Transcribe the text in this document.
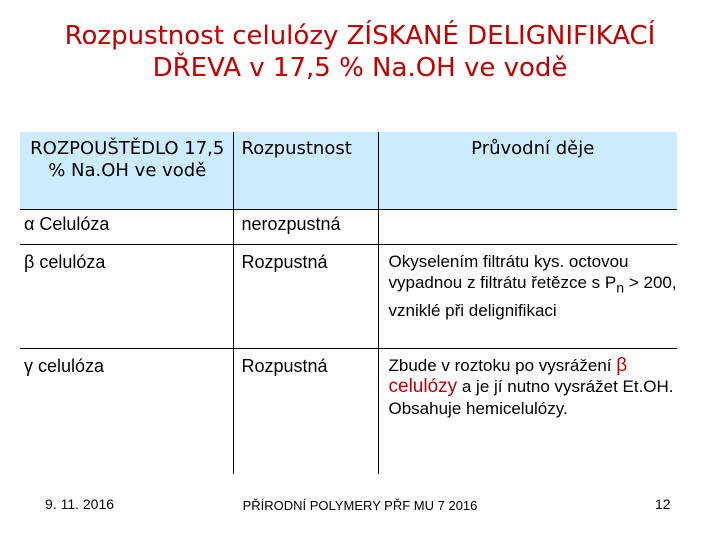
Rozpustnost celulózy ZÍSKANÉ DELIGNIFIKACÍ DŘEVA v 17,5 % Na.OH ve vodě
ROZPOUŠTĚDLO 17,5 % Na.OH ve vodě	Rozpustnost	Průvodní děje
α Celulóza	nerozpustná	
β celulóza	Rozpustná	Okyselením filtrátu kys. octovou vypadnou z filtrátu řetězce s $P_n > 200$, vzniklé při delignifikaci

γ celulóza	Rozpustná	Zbude v roztoku po vysrážení β celulózy a je jí nutno vysrážet Et.OH. Obsahuje hemicelulózy.
9. 11. 2016	PŘÍRODNÍ POLYMERY PŘF MU 7 2016	12
